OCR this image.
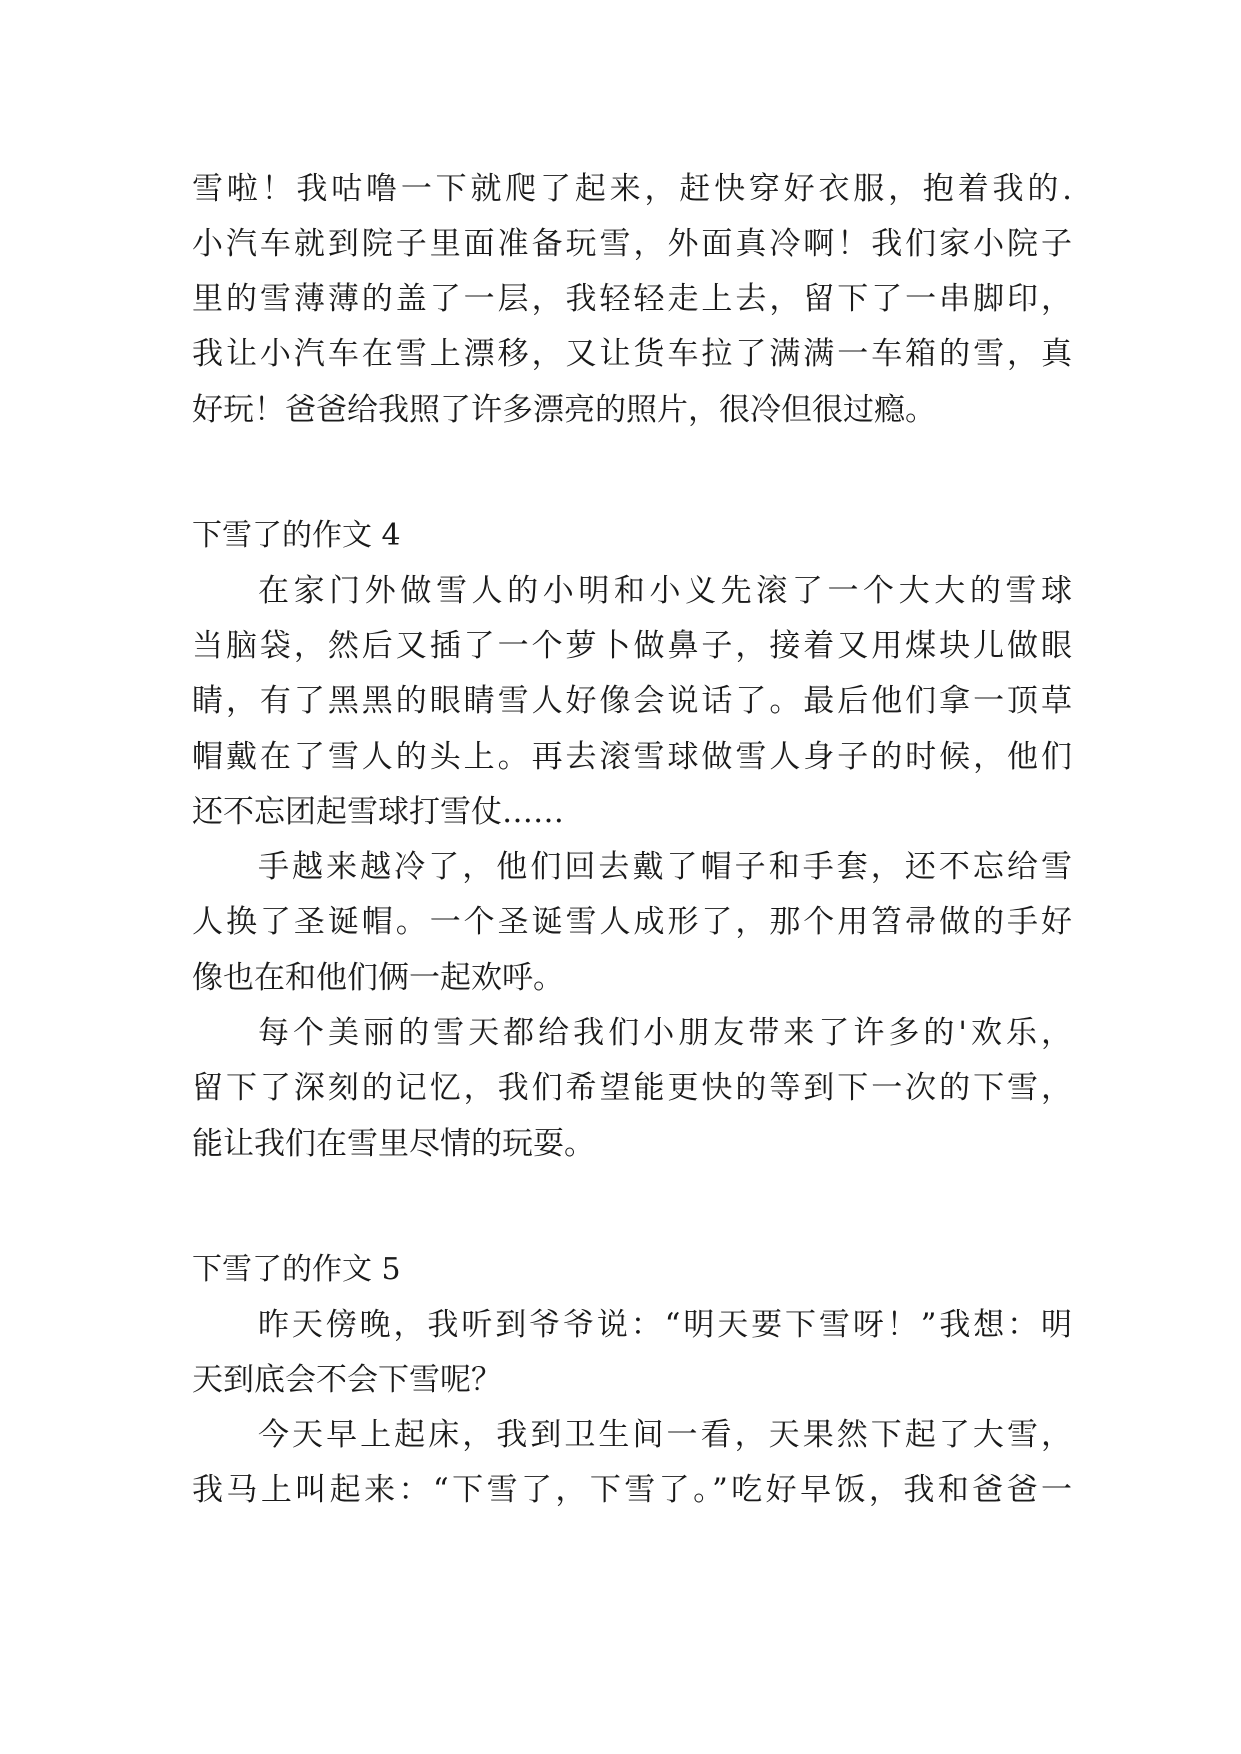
雪啦！我咕噜一下就爬了起来，赶快穿好衣服，抱着我的.
小汽车就到院子里面准备玩雪，外面真冷啊！我们家小院子
里的雪薄薄的盖了一层，我轻轻走上去，留下了一串脚印，
我让小汽车在雪上漂移，又让货车拉了满满一车箱的雪，真
好玩！爸爸给我照了许多漂亮的照片，很冷但很过瘾。
下雪了的作文 4
在家门外做雪人的小明和小义先滚了一个大大的雪球
当脑袋，然后又插了一个萝卜做鼻子，接着又用煤块儿做眼
睛，有了黑黑的眼睛雪人好像会说话了。最后他们拿一顶草
帽戴在了雪人的头上。再去滚雪球做雪人身子的时候，他们
还不忘团起雪球打雪仗……
手越来越冷了，他们回去戴了帽子和手套，还不忘给雪
人换了圣诞帽。一个圣诞雪人成形了，那个用笤帚做的手好
像也在和他们俩一起欢呼。
每个美丽的雪天都给我们小朋友带来了许多的'欢乐，
留下了深刻的记忆，我们希望能更快的等到下一次的下雪，
能让我们在雪里尽情的玩耍。
下雪了的作文 5
昨天傍晚，我听到爷爷说：“明天要下雪呀！”我想：明
天到底会不会下雪呢？
今天早上起床，我到卫生间一看，天果然下起了大雪，
我马上叫起来：“下雪了，下雪了。”吃好早饭，我和爸爸一
